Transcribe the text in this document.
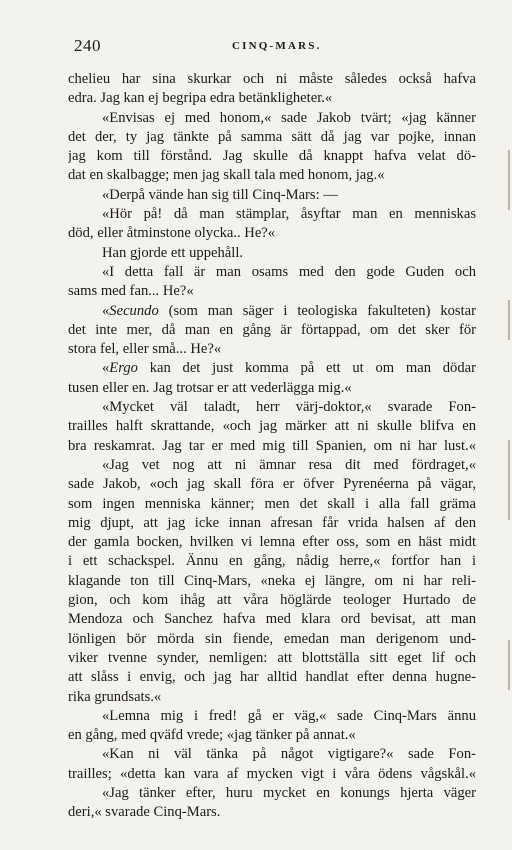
240	CINQ-MARS.
chelieu har sina skurkar och ni måste således också hafva
edra. Jag kan ej begripa edra betänkligheter.«
«Envisas ej med honom,« sade Jakob tvärt; «jag känner
det der, ty jag tänkte på samma sätt då jag var pojke, innan
jag kom till förstånd. Jag skulle då knappt hafva velat dö-
dat en skalbagge; men jag skall tala med honom, jag.«
«Derpå vände han sig till Cinq-Mars: —
«Hör på! då man stämplar, åsyftar man en menniskas
död, eller åtminstone olycka.. He?«
Han gjorde ett uppehåll.
«I detta fall är man osams med den gode Guden och
sams med fan... He?«
«Secundo (som man säger i teologiska fakulteten) kostar
det inte mer, då man en gång är förtappad, om det sker för
stora fel, eller små... He?«
«Ergo kan det just komma på ett ut om man dödar
tusen eller en. Jag trotsar er att vederlägga mig.«
«Mycket väl taladt, herr värj-doktor,« svarade Fon-
trailles halft skrattande, «och jag märker att ni skulle blifva en
bra reskamrat. Jag tar er med mig till Spanien, om ni har lust.«
«Jag vet nog att ni ämnar resa dit med fördraget,«
sade Jakob, «och jag skall föra er öfver Pyrenéerna på vägar,
som ingen menniska känner; men det skall i alla fall gräma
mig djupt, att jag icke innan afresan får vrida halsen af den
der gamla bocken, hvilken vi lemna efter oss, som en häst midt
i ett schackspel. Ännu en gång, nådig herre,« fortfor han i
klagande ton till Cinq-Mars, «neka ej längre, om ni har reli-
gion, och kom ihåg att våra höglärde teologer Hurtado de
Mendoza och Sanchez hafva med klara ord bevisat, att man
lönligen bör mörda sin fiende, emedan man derigenom und-
viker tvenne synder, nemligen: att blottställa sitt eget lif och
att slåss i envig, och jag har alltid handlat efter denna hugne-
rika grundsats.«
«Lemna mig i fred! gå er väg,« sade Cinq-Mars ännu
en gång, med qväfd vrede; «jag tänker på annat.«
«Kan ni väl tänka på något vigtigare?« sade Fon-
trailles; «detta kan vara af mycken vigt i våra ödens vågskål.«
«Jag tänker efter, huru mycket en konungs hjerta väger
deri,« svarade Cinq-Mars.
